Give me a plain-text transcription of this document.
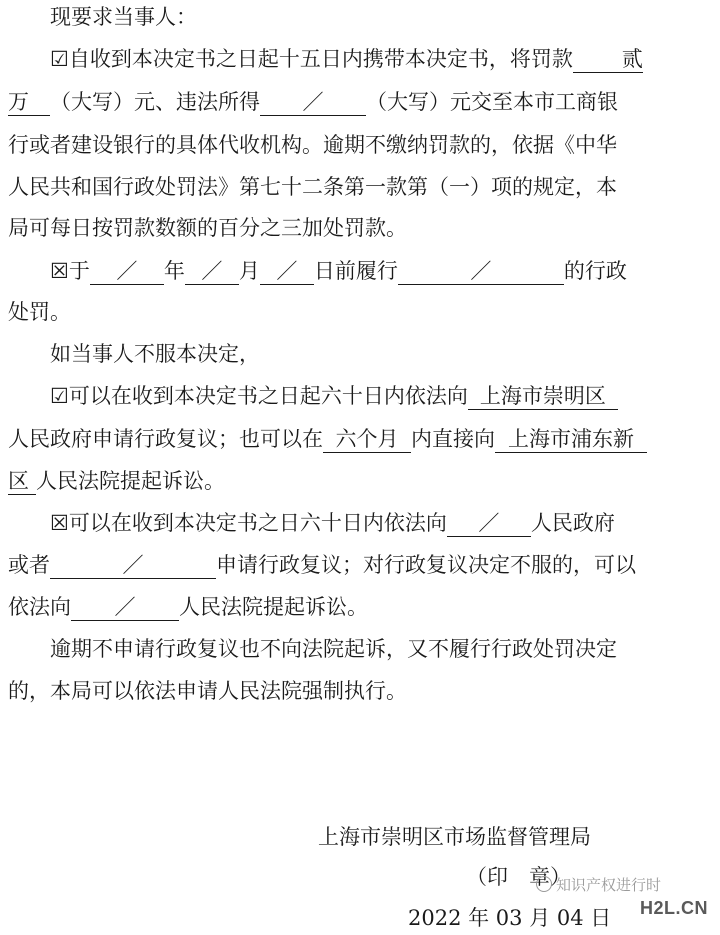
现要求当事人：
☑自收到本决定书之日起十五日内携带本决定书，将罚款 贰
万 （大写）元、违法所得 ／ （大写）元交至本市工商银
行或者建设银行的具体代收机构。逾期不缴纳罚款的，依据《中华
人民共和国行政处罚法》第七十二条第一款第（一）项的规定，本
局可每日按罚款数额的百分之三加处罚款。
☒于 ／ 年 ／ 月 ／ 日前履行	／	的行政
处罚。
如当事人不服本决定，
☑可以在收到本决定书之日起六十日内依法向 上海市崇明区
人民政府申请行政复议；也可以在 六个月 内直接向 上海市浦东新
区 人民法院提起诉讼。
☒可以在收到本决定书之日六十日内依法向 ／ 人民政府
或者	／	申请行政复议；对行政复议决定不服的，可以
依法向 ／ 人民法院提起诉讼。
逾期不申请行政复议也不向法院起诉，又不履行行政处罚决定
的，本局可以依法申请人民法院强制执行。
上海市崇明区市场监督管理局
（印　章）
2022 年 03 月 04 日
知识产权进行时
H2L.CN
